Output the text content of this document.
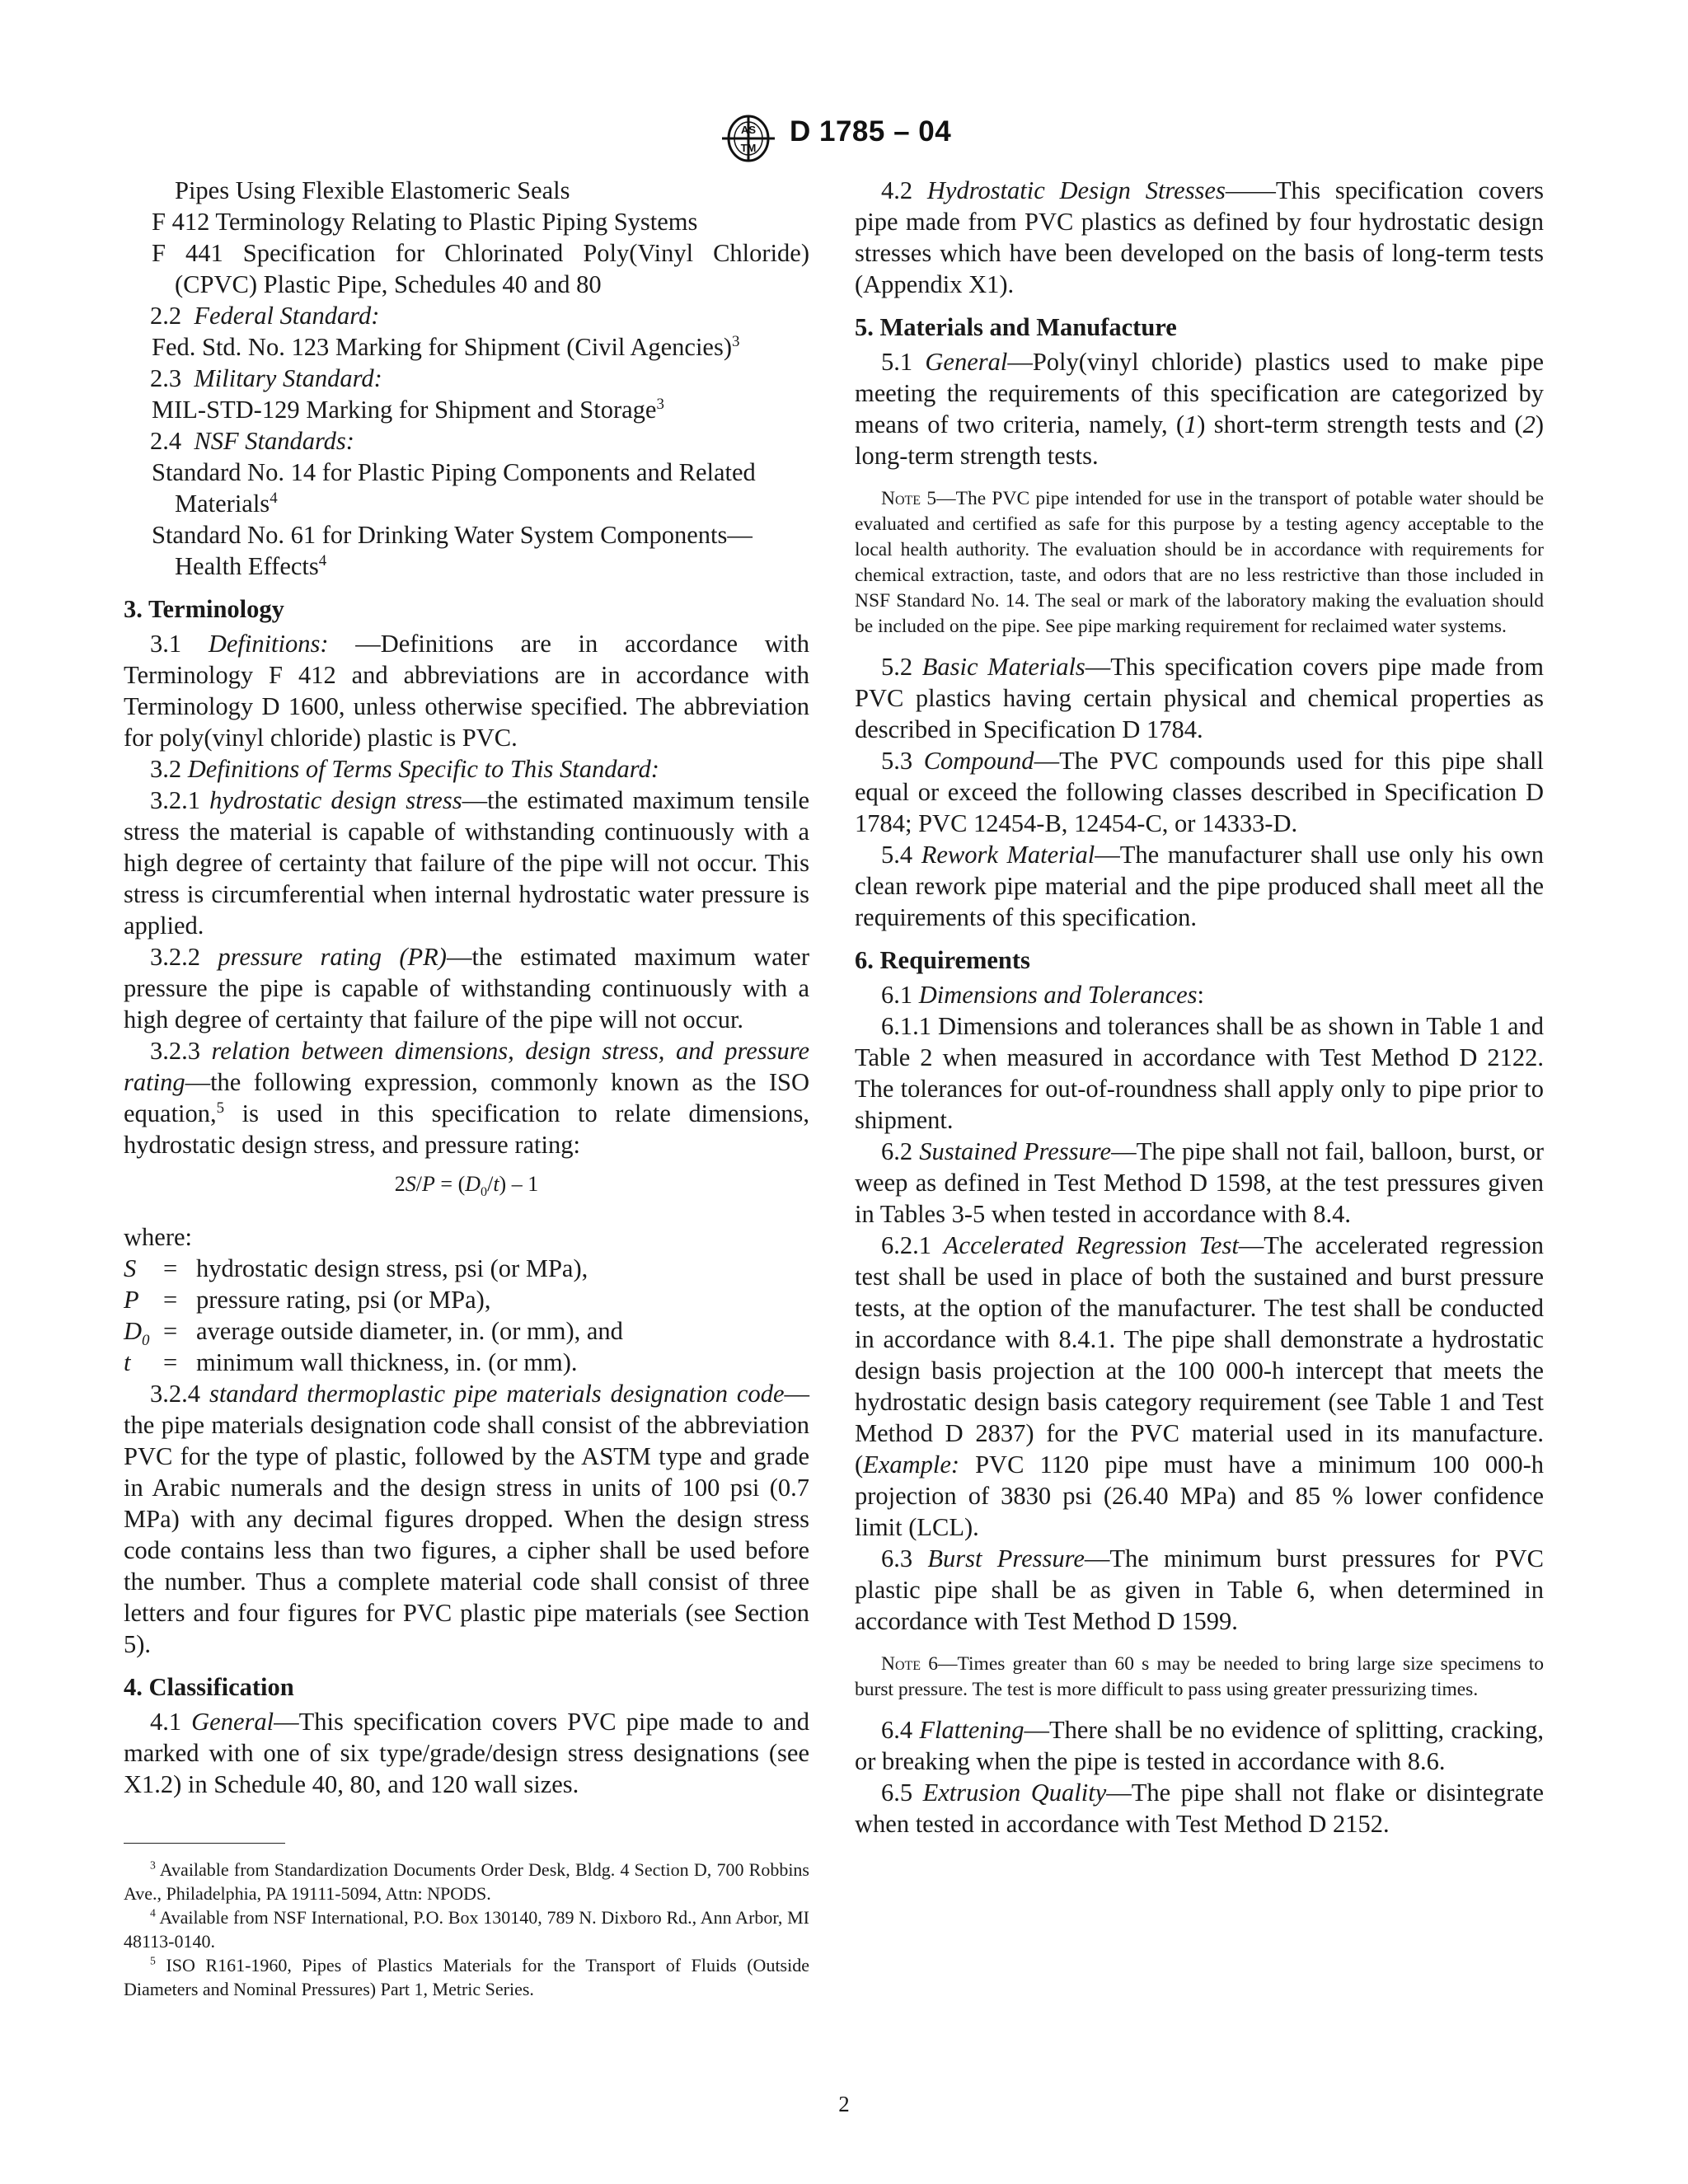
AS
TM
D 1785 – 04

Pipes Using Flexible Elastomeric Seals

F 412 Terminology Relating to Plastic Piping Systems

F 441 Specification for Chlorinated Poly(Vinyl Chloride) (CPVC) Plastic Pipe, Schedules 40 and 80

2.2 Federal Standard:

Fed. Std. No. 123 Marking for Shipment (Civil Agencies)$^3$

2.3 Military Standard:

MIL-STD-129 Marking for Shipment and Storage$^3$

2.4 NSF Standards:

Standard No. 14 for Plastic Piping Components and Related Materials$^4$

Standard No. 61 for Drinking Water System Components—Health Effects$^4$

3. Terminology

3.1 Definitions: —Definitions are in accordance with Terminology F 412 and abbreviations are in accordance with Terminology D 1600, unless otherwise specified. The abbreviation for poly(vinyl chloride) plastic is PVC.

3.2 Definitions of Terms Specific to This Standard:

3.2.1 hydrostatic design stress—the estimated maximum tensile stress the material is capable of withstanding continuously with a high degree of certainty that failure of the pipe will not occur. This stress is circumferential when internal hydrostatic water pressure is applied.

3.2.2 pressure rating (PR)—the estimated maximum water pressure the pipe is capable of withstanding continuously with a high degree of certainty that failure of the pipe will not occur.

3.2.3 relation between dimensions, design stress, and pressure rating—the following expression, commonly known as the ISO equation,$^5$ is used in this specification to relate dimensions, hydrostatic design stress, and pressure rating:

$2S/P = (D_0/t) - 1$

where:

S	= hydrostatic design stress, psi (or MPa),
P = pressure rating, psi (or MPa),
$D_0$ = average outside diameter, in. (or mm), and
t	= minimum wall thickness, in. (or mm).

3.2.4 standard thermoplastic pipe materials designation code—the pipe materials designation code shall consist of the abbreviation PVC for the type of plastic, followed by the ASTM type and grade in Arabic numerals and the design stress in units of 100 psi (0.7 MPa) with any decimal figures dropped. When the design stress code contains less than two figures, a cipher shall be used before the number. Thus a complete material code shall consist of three letters and four figures for PVC plastic pipe materials (see Section 5).

4. Classification

4.1 General—This specification covers PVC pipe made to and marked with one of six type/grade/design stress designations (see X1.2) in Schedule 40, 80, and 120 wall sizes.

4.2 Hydrostatic Design Stresses——This specification covers pipe made from PVC plastics as defined by four hydrostatic design stresses which have been developed on the basis of long-term tests (Appendix X1).

5. Materials and Manufacture

5.1 General—Poly(vinyl chloride) plastics used to make pipe meeting the requirements of this specification are categorized by means of two criteria, namely, (1) short-term strength tests and (2) long-term strength tests.

Note 5—The PVC pipe intended for use in the transport of potable water should be evaluated and certified as safe for this purpose by a testing agency acceptable to the local health authority. The evaluation should be in accordance with requirements for chemical extraction, taste, and odors that are no less restrictive than those included in NSF Standard No. 14. The seal or mark of the laboratory making the evaluation should be included on the pipe. See pipe marking requirement for reclaimed water systems.

5.2 Basic Materials—This specification covers pipe made from PVC plastics having certain physical and chemical properties as described in Specification D 1784.

5.3 Compound—The PVC compounds used for this pipe shall equal or exceed the following classes described in Specification D 1784; PVC 12454-B, 12454-C, or 14333-D.

5.4 Rework Material—The manufacturer shall use only his own clean rework pipe material and the pipe produced shall meet all the requirements of this specification.

6. Requirements

6.1 Dimensions and Tolerances:

6.1.1 Dimensions and tolerances shall be as shown in Table 1 and Table 2 when measured in accordance with Test Method D 2122. The tolerances for out-of-roundness shall apply only to pipe prior to shipment.

6.2 Sustained Pressure—The pipe shall not fail, balloon, burst, or weep as defined in Test Method D 1598, at the test pressures given in Tables 3-5 when tested in accordance with 8.4.

6.2.1 Accelerated Regression Test—The accelerated regression test shall be used in place of both the sustained and burst pressure tests, at the option of the manufacturer. The test shall be conducted in accordance with 8.4.1. The pipe shall demonstrate a hydrostatic design basis projection at the 100 000-h intercept that meets the hydrostatic design basis category requirement (see Table 1 and Test Method D 2837) for the PVC material used in its manufacture. (Example: PVC 1120 pipe must have a minimum 100 000-h projection of 3830 psi (26.40 MPa) and 85 % lower confidence limit (LCL).

6.3 Burst Pressure—The minimum burst pressures for PVC plastic pipe shall be as given in Table 6, when determined in accordance with Test Method D 1599.

Note 6—Times greater than 60 s may be needed to bring large size specimens to burst pressure. The test is more difficult to pass using greater pressurizing times.

6.4 Flattening—There shall be no evidence of splitting, cracking, or breaking when the pipe is tested in accordance with 8.6.

6.5 Extrusion Quality—The pipe shall not flake or disintegrate when tested in accordance with Test Method D 2152.

$^3$ Available from Standardization Documents Order Desk, Bldg. 4 Section D, 700 Robbins Ave., Philadelphia, PA 19111-5094, Attn: NPODS.

$^4$ Available from NSF International, P.O. Box 130140, 789 N. Dixboro Rd., Ann Arbor, MI 48113-0140.

$^5$ ISO R161-1960, Pipes of Plastics Materials for the Transport of Fluids (Outside Diameters and Nominal Pressures) Part 1, Metric Series.

2
